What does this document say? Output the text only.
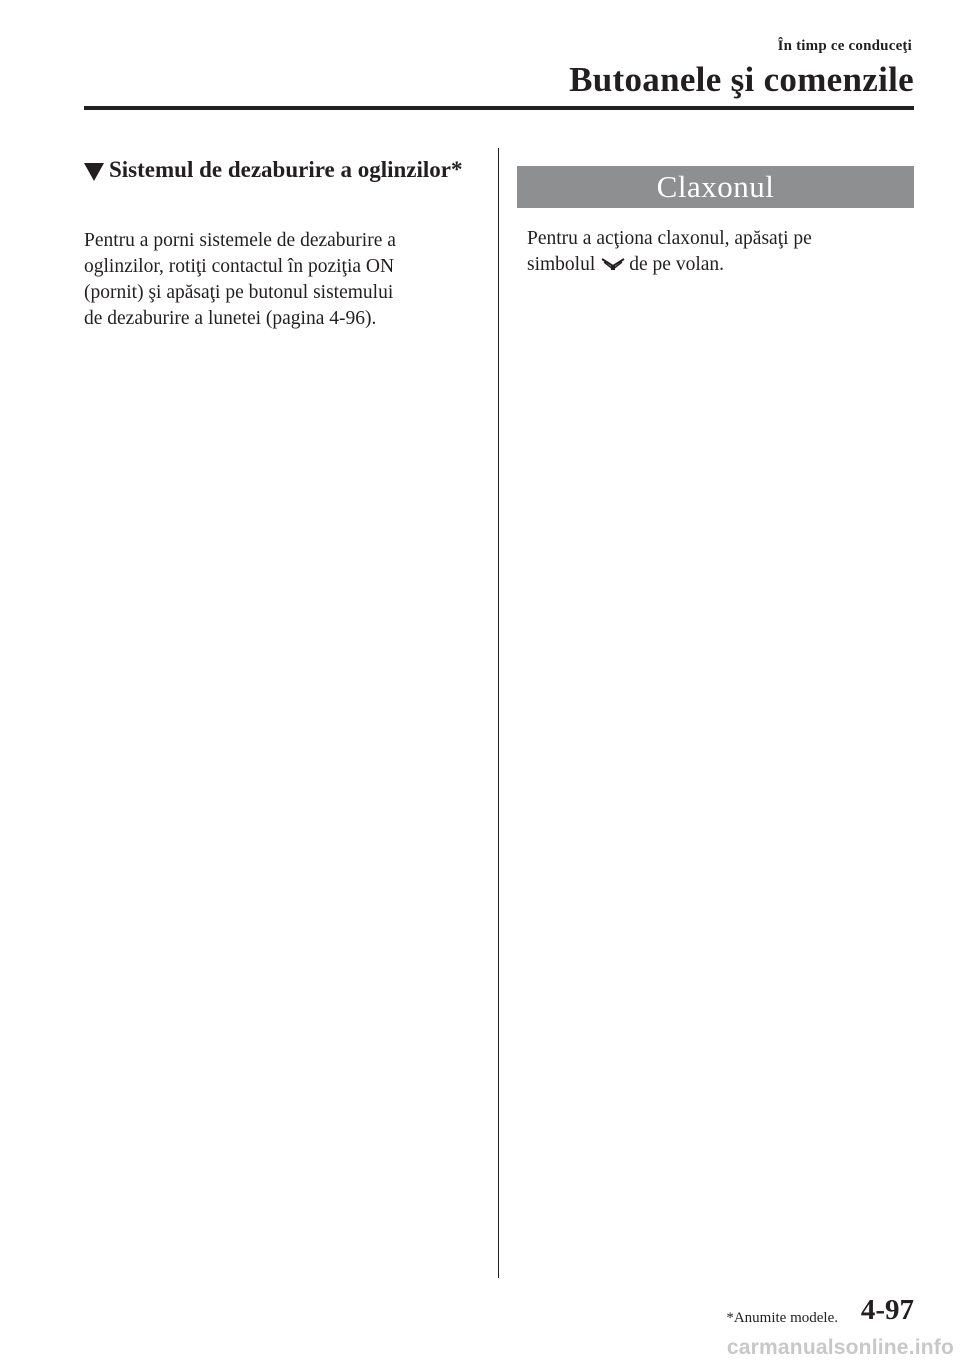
În timp ce conduceţi
Butoanele şi comenzile
Sistemul de dezaburire a oglinzilor*

Pentru a porni sistemele de dezaburire a
oglinzilor, rotiţi contactul în poziţia ON
(pornit) şi apăsaţi pe butonul sistemului
de dezaburire a lunetei (pagina 4-96).

Claxonul

Pentru a acţiona claxonul, apăsaţi pe
simbolul de pe volan.

*Anumite modele. 4-97
carmanualsonline.info
